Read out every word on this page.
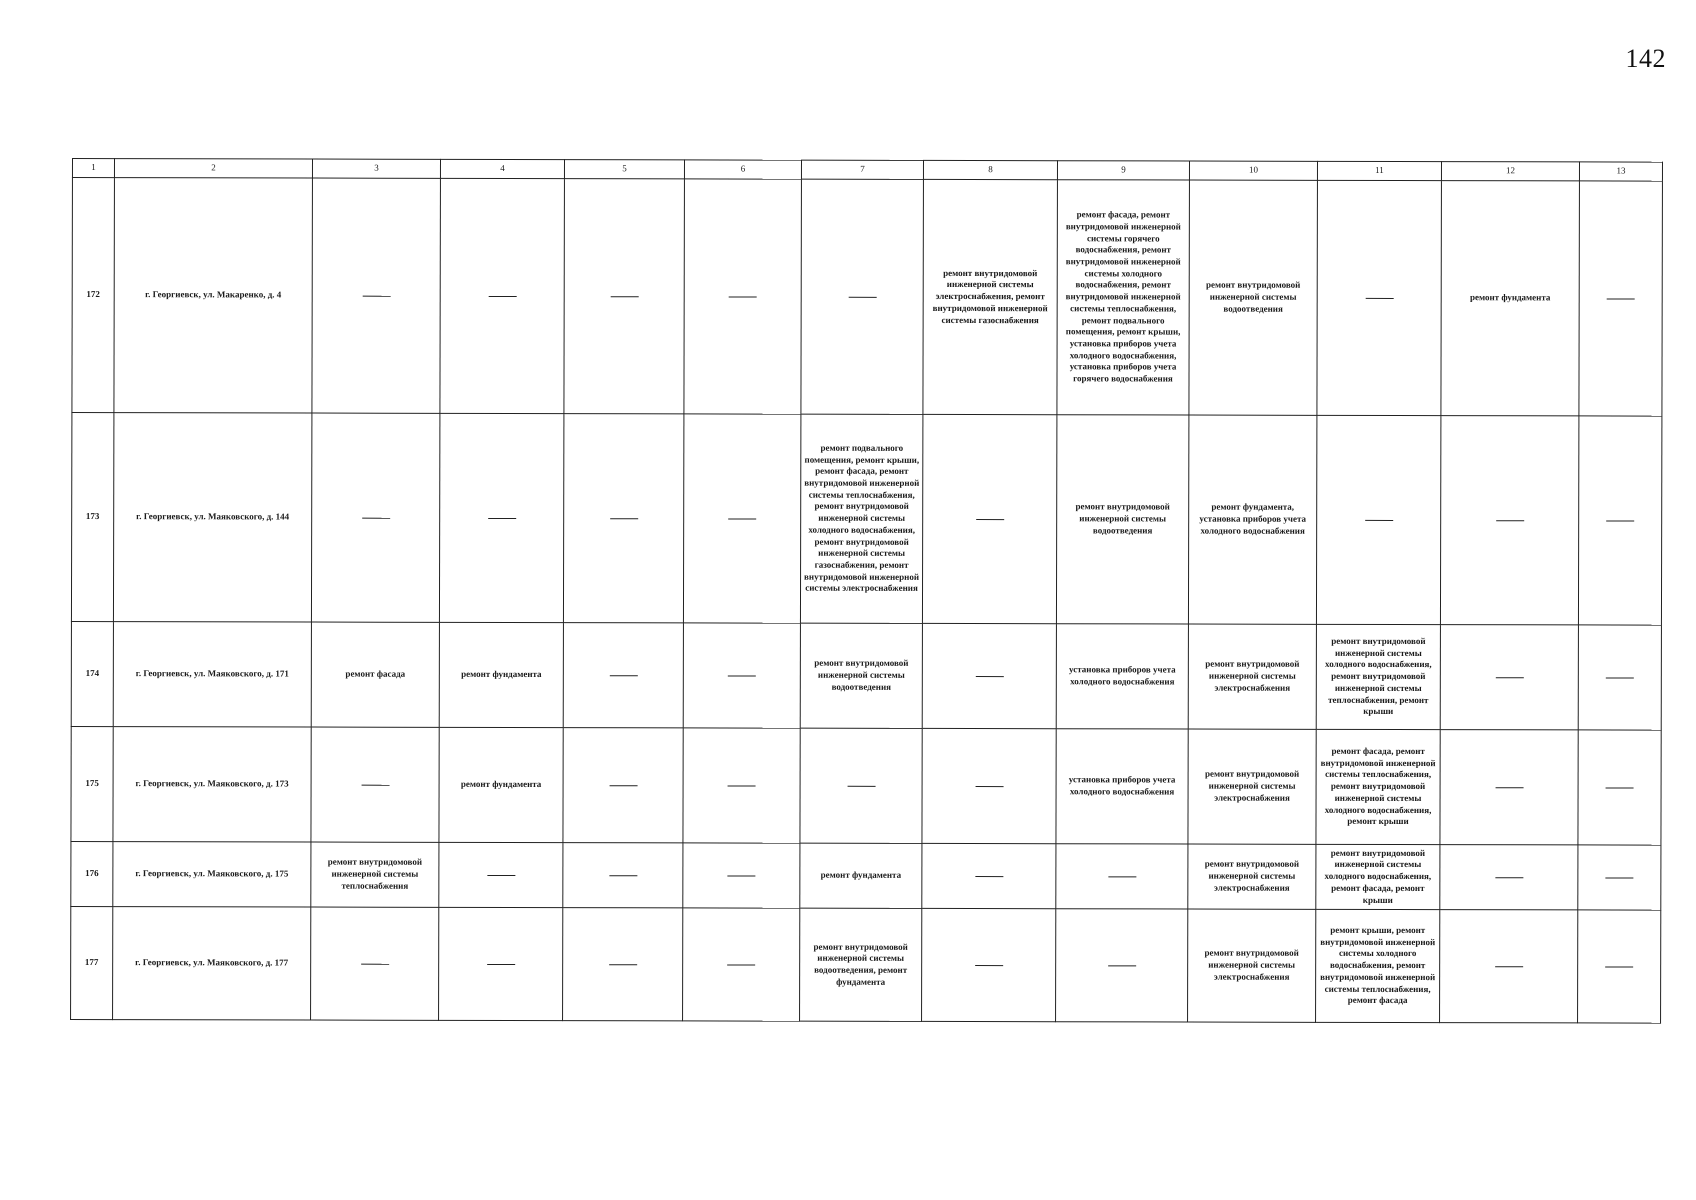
142
1	2	3	4	5	6	7	8	9	10	11	12	13
172	г. Георгиевск, ул. Макаренко, д. 4						ремонт внутридомовой инженерной системы электроснабжения, ремонт внутридомовой инженерной системы газоснабжения	ремонт фасада, ремонт внутридомовой инженерной системы горячего водоснабжения, ремонт внутридомовой инженерной системы холодного водоснабжения, ремонт внутридомовой инженерной системы теплоснабжения, ремонт подвального помещения, ремонт крыши, установка приборов учета холодного водоснабжения, установка приборов учета горячего водоснабжения	ремонт внутридомовой инженерной системы водоотведения		ремонт фундамента	
173	г. Георгиевск, ул. Маяковского, д. 144					ремонт подвального помещения, ремонт крыши, ремонт фасада, ремонт внутридомовой инженерной системы теплоснабжения, ремонт внутридомовой инженерной системы холодного водоснабжения, ремонт внутридомовой инженерной системы газоснабжения, ремонт внутридомовой инженерной системы электроснабжения		ремонт внутридомовой инженерной системы водоотведения	ремонт фундамента, установка приборов учета холодного водоснабжения			
174	г. Георгиевск, ул. Маяковского, д. 171	ремонт фасада	ремонт фундамента			ремонт внутридомовой инженерной системы водоотведения		установка приборов учета холодного водоснабжения	ремонт внутридомовой инженерной системы электроснабжения	ремонт внутридомовой инженерной системы холодного водоснабжения, ремонт внутридомовой инженерной системы теплоснабжения, ремонт крыши		
175	г. Георгиевск, ул. Маяковского, д. 173		ремонт фундамента					установка приборов учета холодного водоснабжения	ремонт внутридомовой инженерной системы электроснабжения	ремонт фасада, ремонт внутридомовой инженерной системы теплоснабжения, ремонт внутридомовой инженерной системы холодного водоснабжения, ремонт крыши		
176	г. Георгиевск, ул. Маяковского, д. 175	ремонт внутридомовой инженерной системы теплоснабжения				ремонт фундамента			ремонт внутридомовой инженерной системы электроснабжения	ремонт внутридомовой инженерной системы холодного водоснабжения, ремонт фасада, ремонт крыши		
177	г. Георгиевск, ул. Маяковского, д. 177					ремонт внутридомовой инженерной системы водоотведения, ремонт фундамента			ремонт внутридомовой инженерной системы электроснабжения	ремонт крыши, ремонт внутридомовой инженерной системы холодного водоснабжения, ремонт внутридомовой инженерной системы теплоснабжения, ремонт фасада		
